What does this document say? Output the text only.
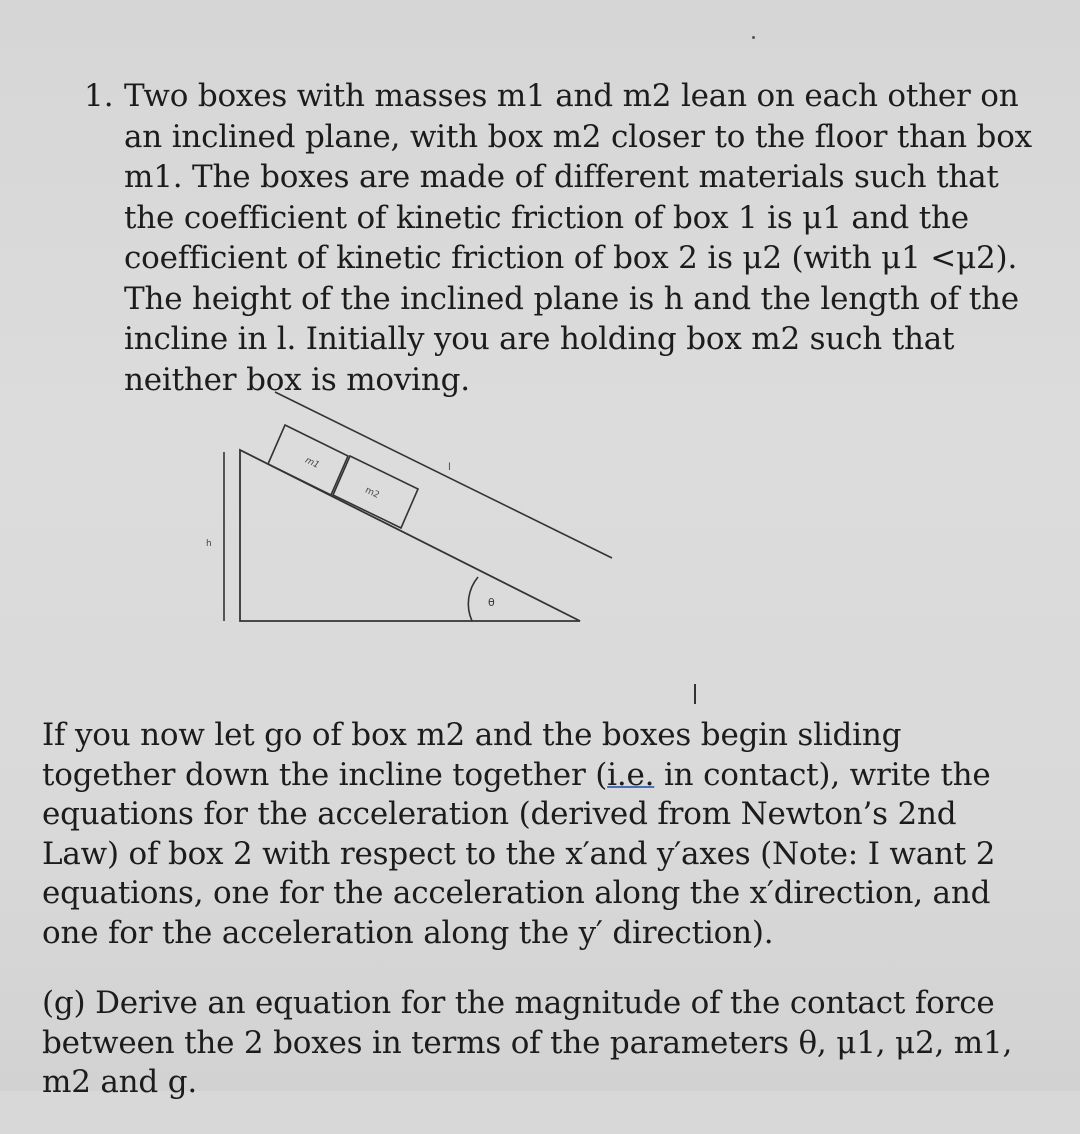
1. Two boxes with masses m1 and m2 lean on each other on an inclined plane, with box m2 closer to the floor than box m1. The boxes are made of different materials such that the coefficient of kinetic friction of box 1 is μ1 and the coefficient of kinetic friction of box 2 is μ2 (with μ1 <μ2). The height of the inclined plane is h and the length of the incline in l. Initially you are holding box m2 such that neither box is moving.

h
l
m1
m2
θ

If you now let go of box m2 and the boxes begin sliding together down the incline together (i.e. in contact), write the equations for the acceleration (derived from Newton’s 2nd Law) of box 2 with respect to the x′and y′axes (Note: I want 2 equations, one for the acceleration along the x′direction, and one for the acceleration along the y′ direction).

(g) Derive an equation for the magnitude of the contact force between the 2 boxes in terms of the parameters θ, μ1, μ2, m1, m2 and g.
